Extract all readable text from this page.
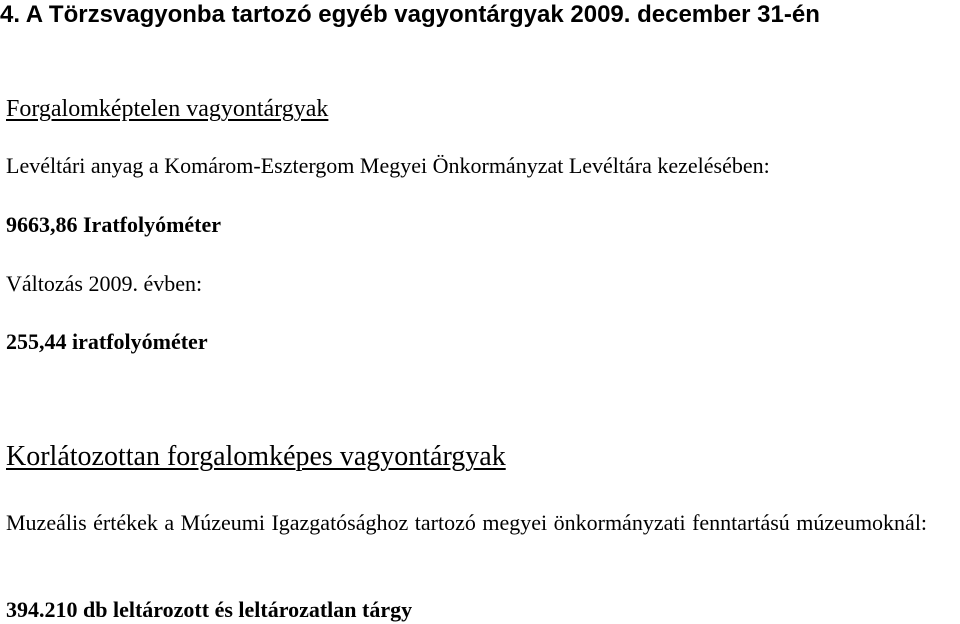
4. A Törzsvagyonba tartozó egyéb vagyontárgyak 2009. december 31-én
Forgalomképtelen vagyontárgyak
Levéltári anyag a Komárom-Esztergom Megyei Önkormányzat Levéltára kezelésében:
9663,86 Iratfolyóméter
Változás 2009. évben:
255,44 iratfolyóméter
Korlátozottan forgalomképes vagyontárgyak
Muzeális értékek a Múzeumi Igazgatósághoz tartozó megyei önkormányzati fenntartású múzeumoknál:
394.210 db leltározott és leltározatlan tárgy
